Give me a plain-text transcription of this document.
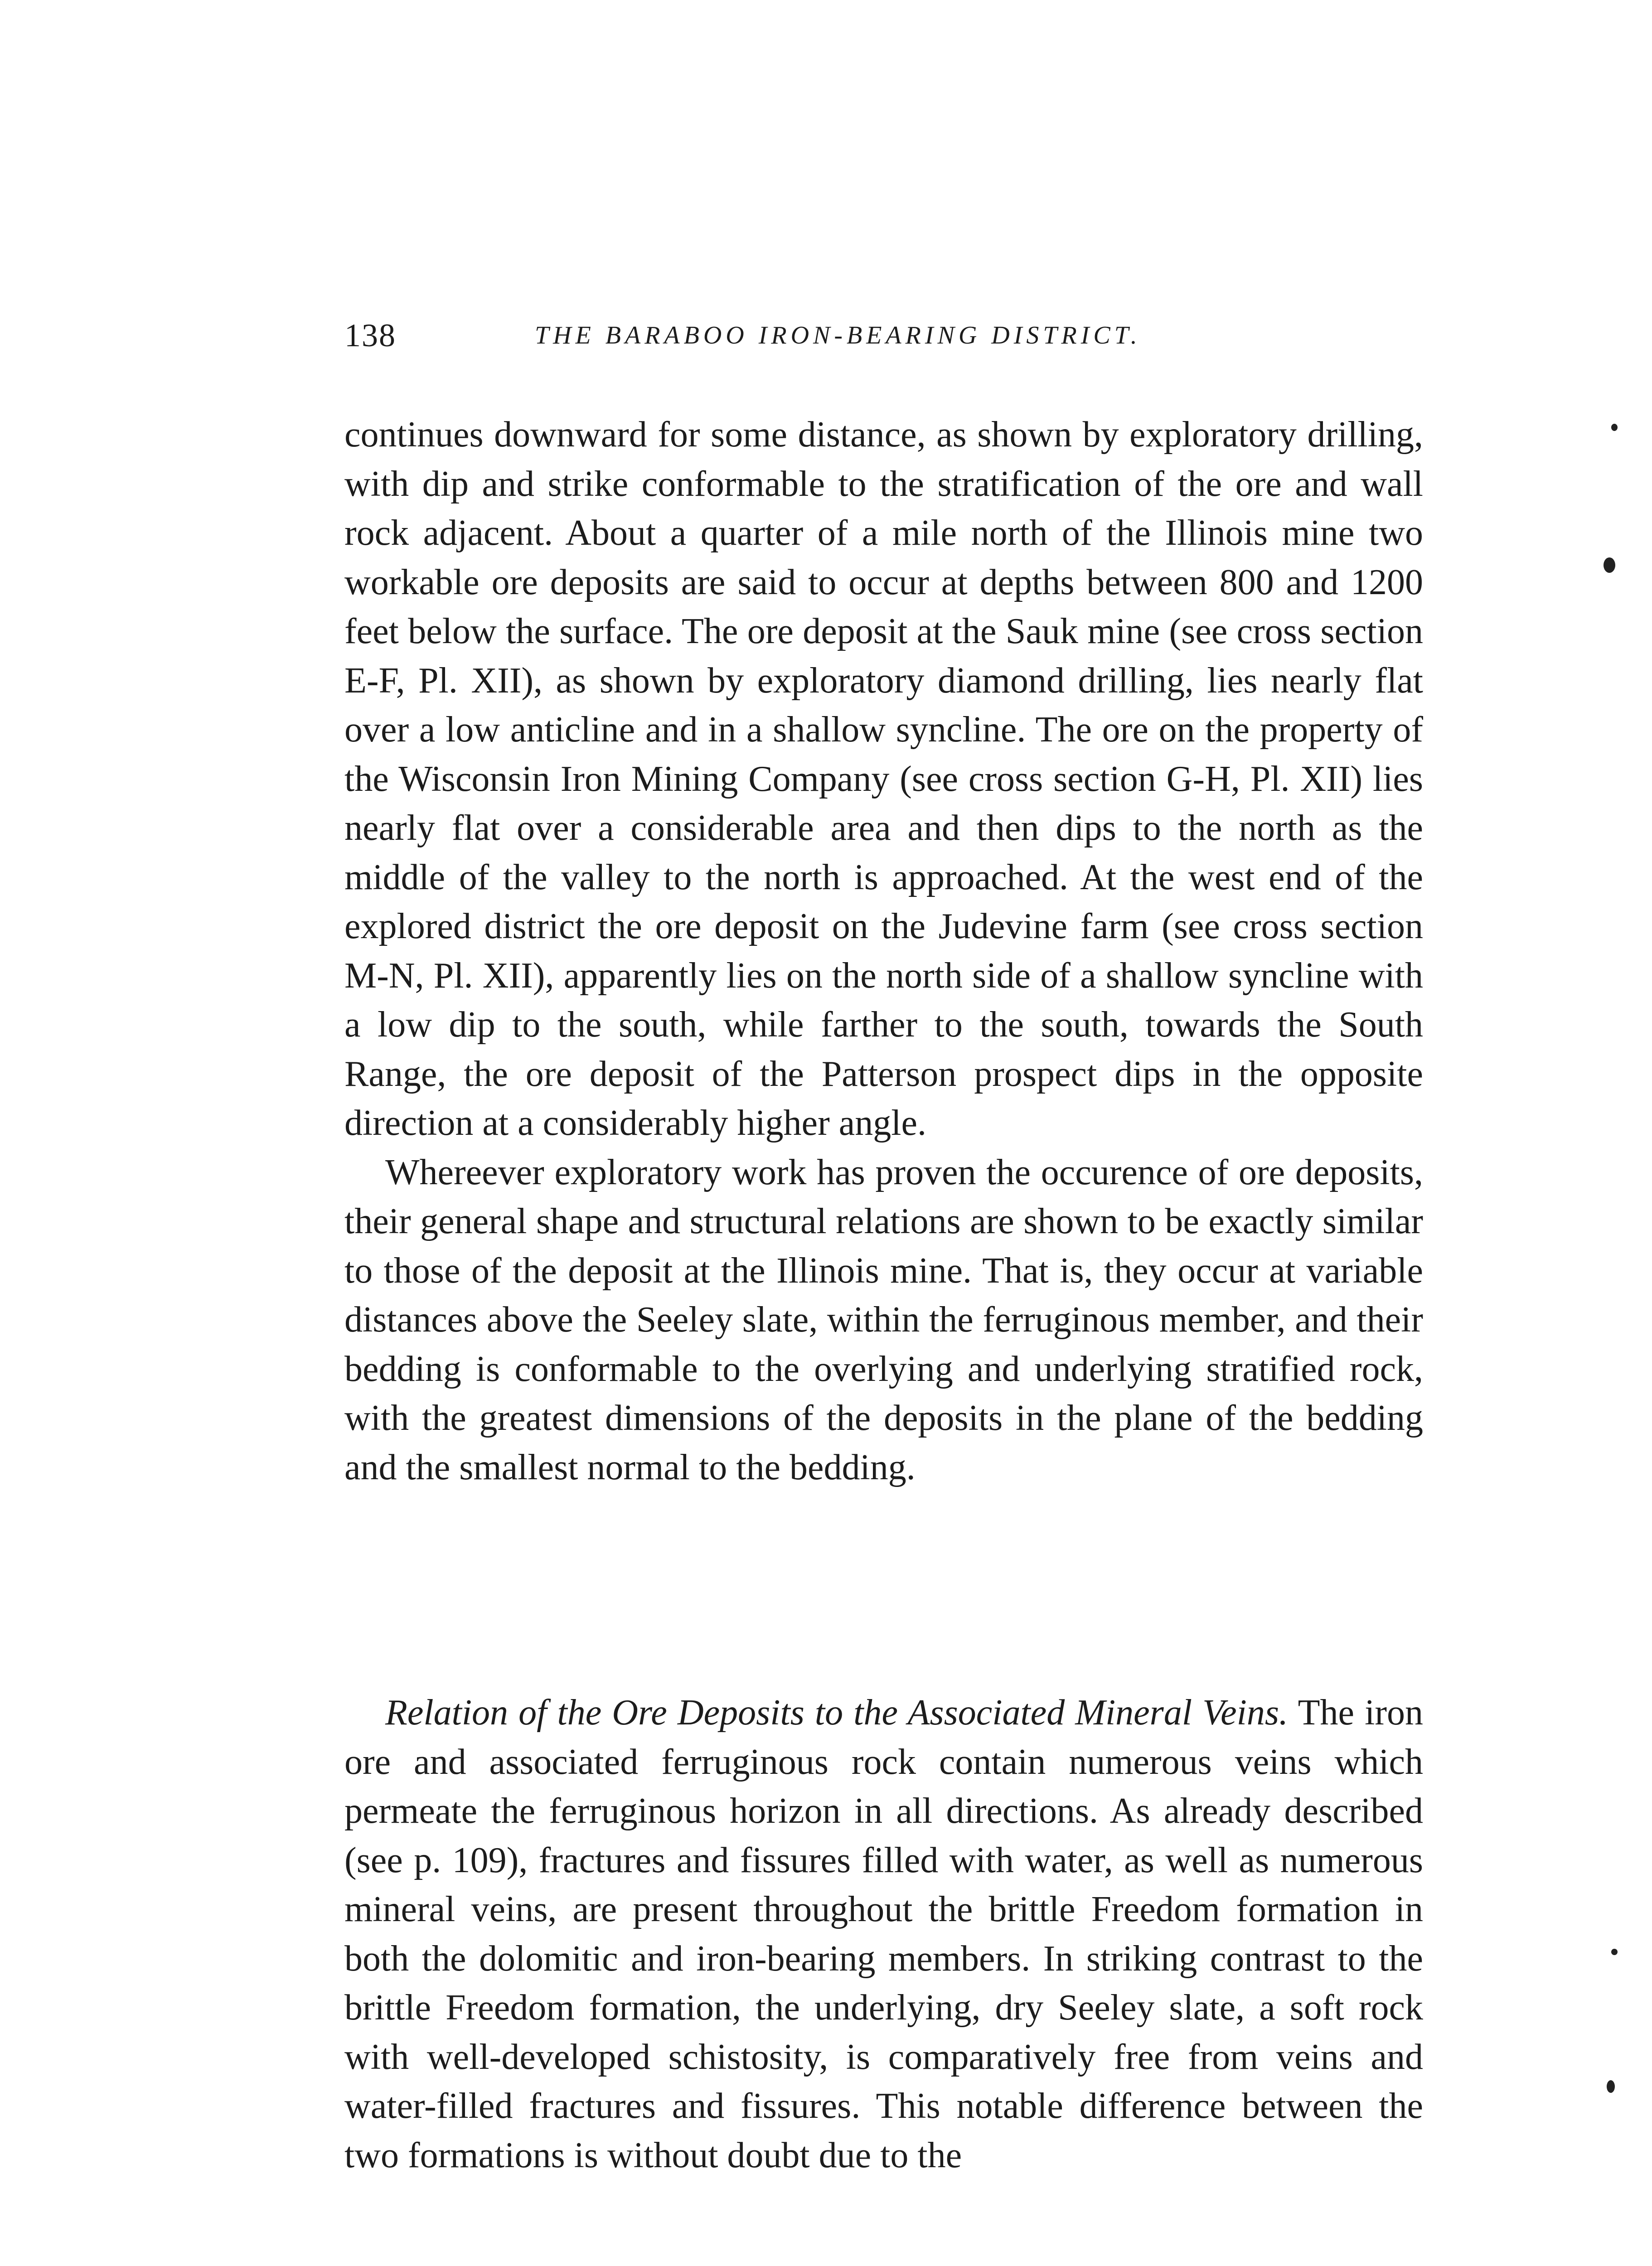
138	THE BARABOO IRON-BEARING DISTRICT.

continues downward for some distance, as shown by exploratory drilling, with dip and strike conformable to the stratification of the ore and wall rock adjacent. About a quarter of a mile north of the Illinois mine two workable ore deposits are said to occur at depths between 800 and 1200 feet below the surface. The ore deposit at the Sauk mine (see cross section E-F, Pl. XII), as shown by exploratory diamond drilling, lies nearly flat over a low anticline and in a shallow syncline. The ore on the property of the Wisconsin Iron Mining Company (see cross section G-H, Pl. XII) lies nearly flat over a considerable area and then dips to the north as the middle of the valley to the north is approached. At the west end of the explored district the ore deposit on the Judevine farm (see cross section M-N, Pl. XII), apparently lies on the north side of a shallow syncline with a low dip to the south, while farther to the south, towards the South Range, the ore deposit of the Patterson prospect dips in the opposite direction at a considerably higher angle.

Whereever exploratory work has proven the occurence of ore deposits, their general shape and structural relations are shown to be exactly similar to those of the deposit at the Illinois mine. That is, they occur at variable distances above the Seeley slate, within the ferruginous member, and their bedding is conformable to the overlying and underlying stratified rock, with the greatest dimensions of the deposits in the plane of the bedding and the smallest normal to the bedding.

Relation of the Ore Deposits to the Associated Mineral Veins. The iron ore and associated ferruginous rock contain numerous veins which permeate the ferruginous horizon in all directions. As already described (see p. 109), fractures and fissures filled with water, as well as numerous mineral veins, are present throughout the brittle Freedom formation in both the dolomitic and iron-bearing members. In striking contrast to the brittle Freedom formation, the underlying, dry Seeley slate, a soft rock with well-developed schistosity, is comparatively free from veins and water-filled fractures and fissures. This notable difference between the two formations is without doubt due to the
